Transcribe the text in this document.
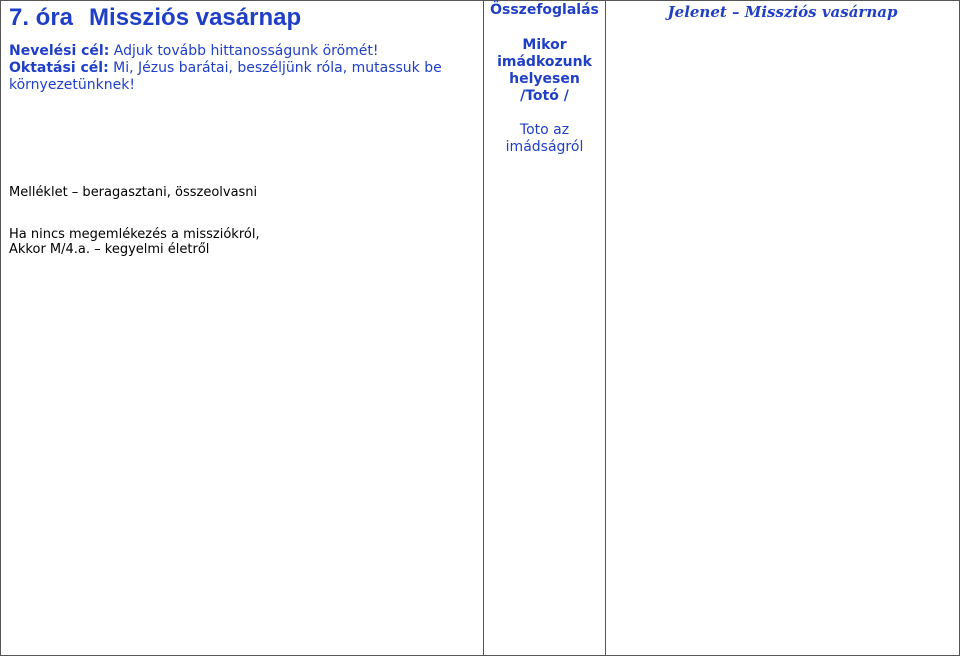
7. óra Missziós vasárnap

Nevelési cél: Adjuk tovább hittanosságunk örömét!

Oktatási cél: Mi, Jézus barátai, beszéljünk róla, mutassuk be környezetünknek!

Melléklet – beragasztani, összeolvasni

Ha nincs megemlékezés a missziókról,

Akkor M/4.a. – kegyelmi életről

Összefoglalás

Mikor

imádkozunk

helyesen

/Totó /

Toto az

imádságról

Jelenet – Missziós vasárnap
